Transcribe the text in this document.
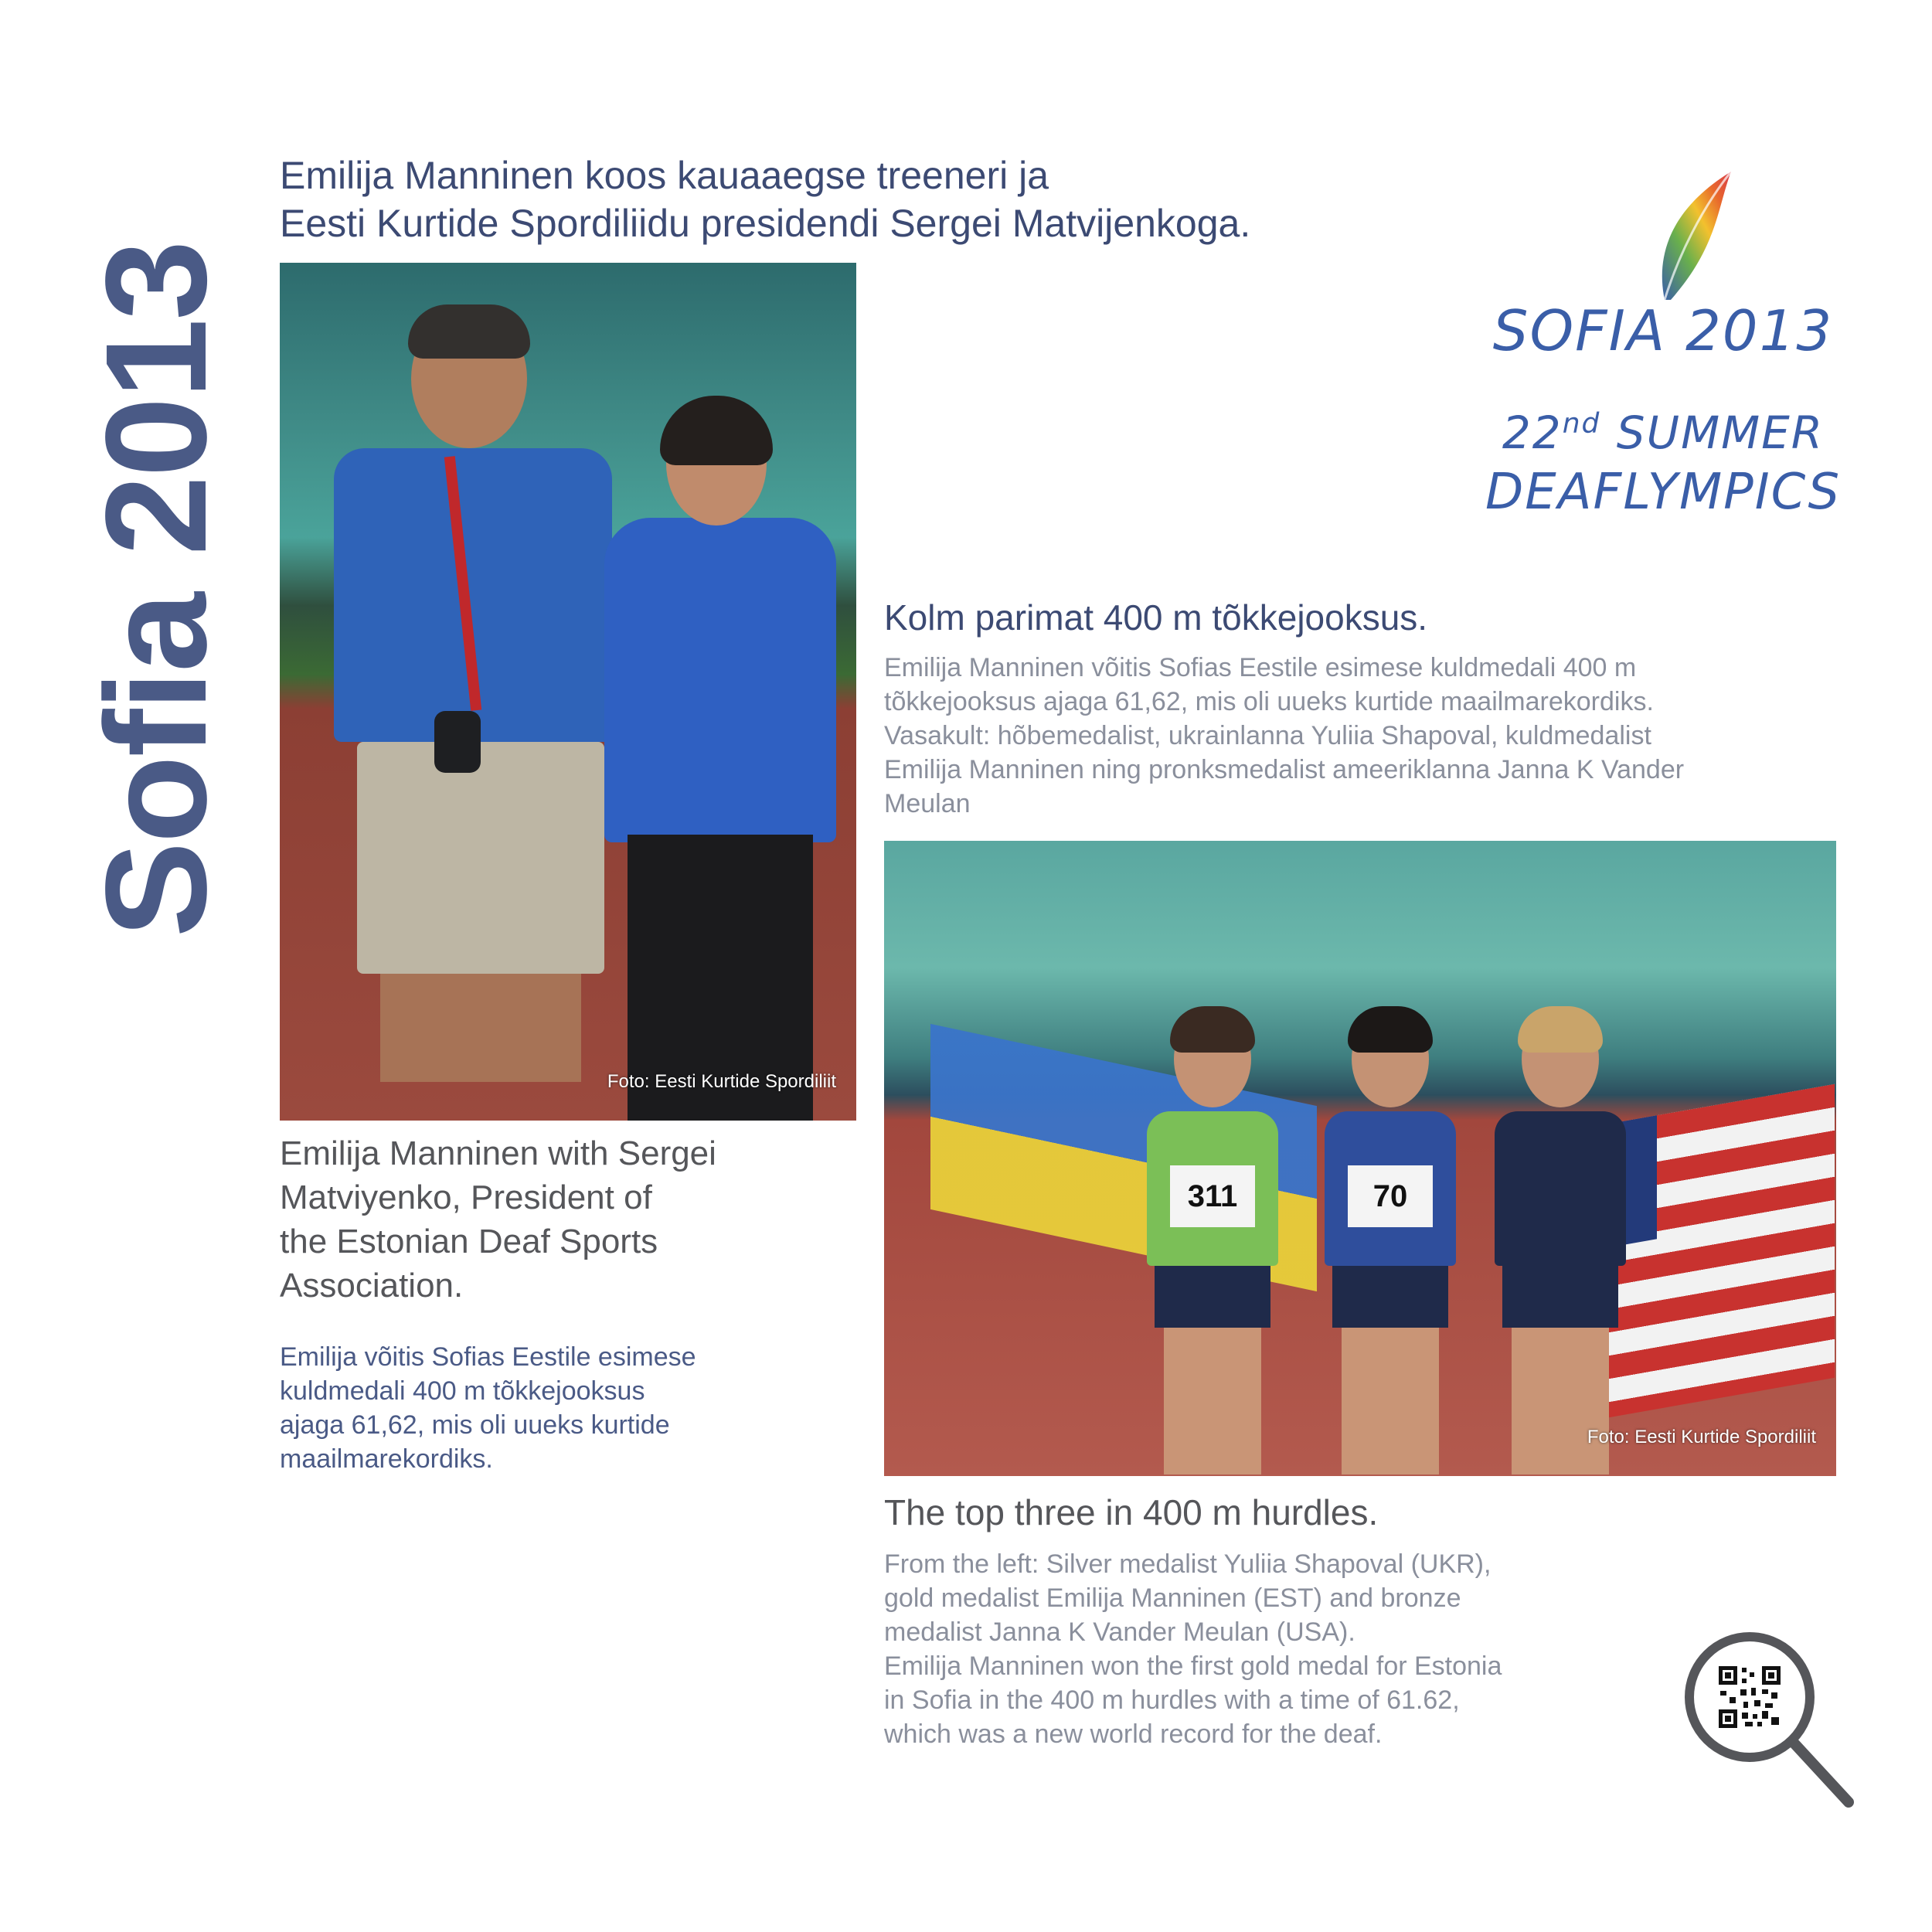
Sofia 2013
Emilija Manninen koos kauaaegse treeneri ja
Eesti Kurtide Spordiliidu presidendi Sergei Matvijenkoga.
Foto: Eesti Kurtide Spordiliit
SOFIA 2013
22nd SUMMER
DEAFLYMPICS
Kolm parimat 400 m tõkkejooksus.
Emilija Manninen võitis Sofias Eestile esimese kuldmedali 400 m
tõkkejooksus ajaga 61,62, mis oli uueks kurtide maailmarekordiks.
Vasakult: hõbemedalist, ukrainlanna Yuliia Shapoval, kuldmedalist
Emilija Manninen ning pronksmedalist ameeriklanna Janna K Vander
Meulan
311	70
Foto: Eesti Kurtide Spordiliit
Emilija Manninen with Sergei
Matviyenko, President of
the Estonian Deaf Sports
Association.
Emilija võitis Sofias Eestile esimese
kuldmedali 400 m tõkkejooksus
ajaga 61,62, mis oli uueks kurtide
maailmarekordiks.
The top three in 400 m hurdles.
From the left: Silver medalist Yuliia Shapoval (UKR),
gold medalist Emilija Manninen (EST) and bronze
medalist Janna K Vander Meulan (USA).
Emilija Manninen won the first gold medal for Estonia
in Sofia in the 400 m hurdles with a time of 61.62,
which was a new world record for the deaf.
